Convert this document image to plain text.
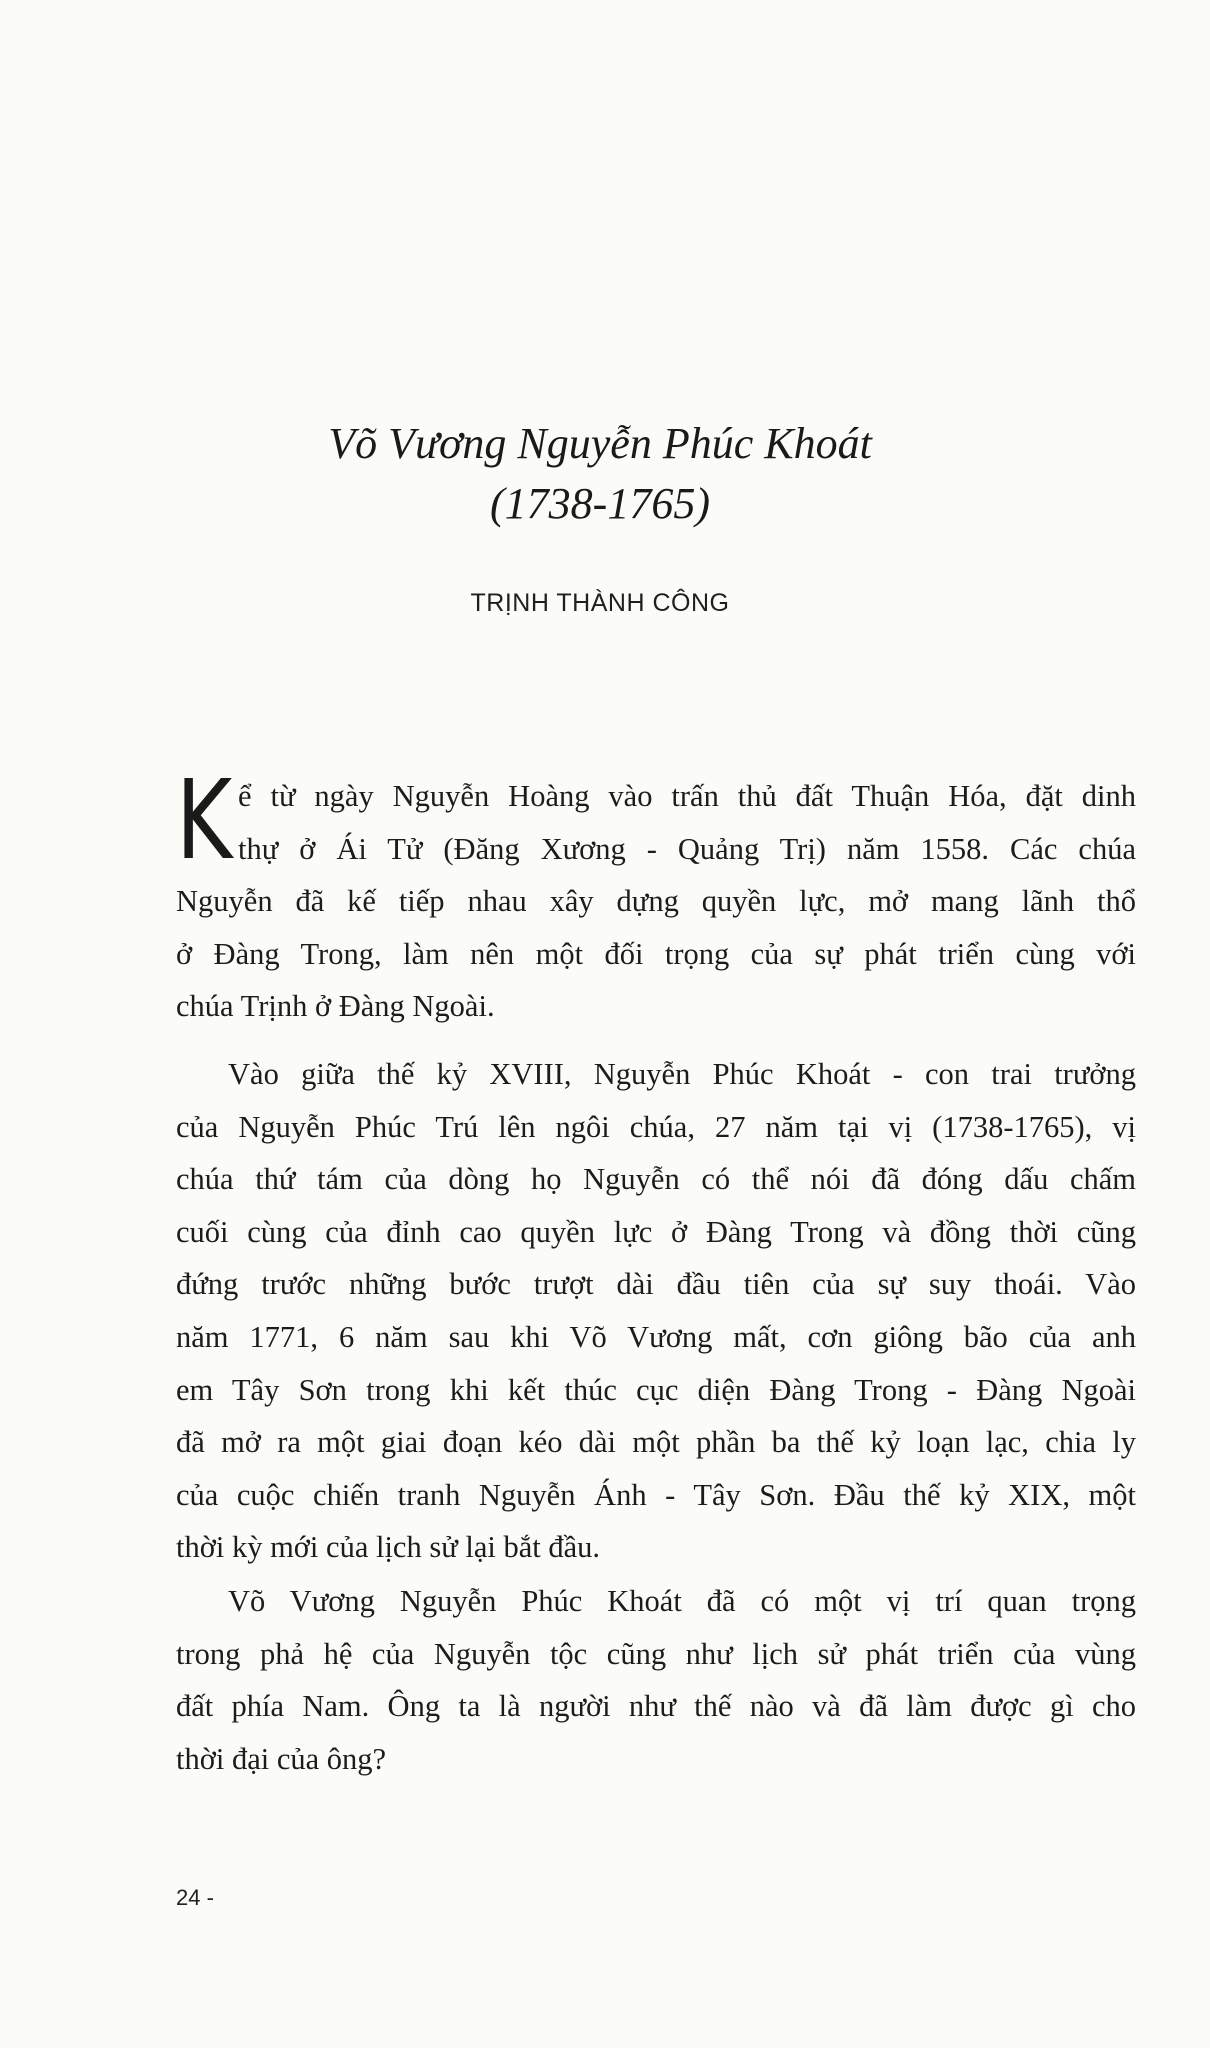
Võ Vương Nguyễn Phúc Khoát
(1738-1765)
TRỊNH THÀNH CÔNG
K ể từ ngày Nguyễn Hoàng vào trấn thủ đất Thuận Hóa, đặt dinh
thự ở Ái Tử (Đăng Xương - Quảng Trị) năm 1558. Các chúa
Nguyễn đã kế tiếp nhau xây dựng quyền lực, mở mang lãnh thổ
ở Đàng Trong, làm nên một đối trọng của sự phát triển cùng với
chúa Trịnh ở Đàng Ngoài.
Vào giữa thế kỷ XVIII, Nguyễn Phúc Khoát - con trai trưởng
của Nguyễn Phúc Trú lên ngôi chúa, 27 năm tại vị (1738-1765), vị
chúa thứ tám của dòng họ Nguyễn có thể nói đã đóng dấu chấm
cuối cùng của đỉnh cao quyền lực ở Đàng Trong và đồng thời cũng
đứng trước những bước trượt dài đầu tiên của sự suy thoái. Vào
năm 1771, 6 năm sau khi Võ Vương mất, cơn giông bão của anh
em Tây Sơn trong khi kết thúc cục diện Đàng Trong - Đàng Ngoài
đã mở ra một giai đoạn kéo dài một phần ba thế kỷ loạn lạc, chia ly
của cuộc chiến tranh Nguyễn Ánh - Tây Sơn. Đầu thế kỷ XIX, một
thời kỳ mới của lịch sử lại bắt đầu.
Võ Vương Nguyễn Phúc Khoát đã có một vị trí quan trọng
trong phả hệ của Nguyễn tộc cũng như lịch sử phát triển của vùng
đất phía Nam. Ông ta là người như thế nào và đã làm được gì cho
thời đại của ông?
24 -
